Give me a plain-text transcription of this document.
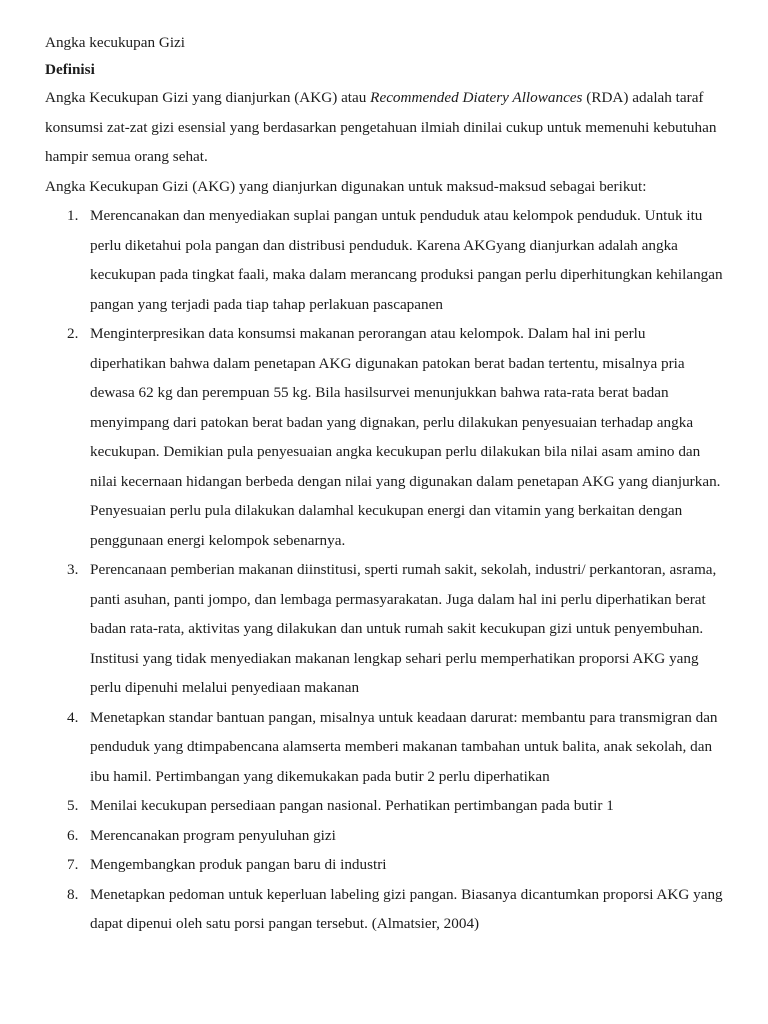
Angka kecukupan Gizi

Definisi

Angka Kecukupan Gizi yang dianjurkan (AKG) atau Recommended Diatery Allowances (RDA) adalah taraf konsumsi zat-zat gizi esensial yang berdasarkan pengetahuan ilmiah dinilai cukup untuk memenuhi kebutuhan hampir semua orang sehat.

Angka Kecukupan Gizi (AKG) yang dianjurkan digunakan untuk maksud-maksud sebagai berikut:

1. Merencanakan dan menyediakan suplai pangan untuk penduduk atau kelompok penduduk. Untuk itu perlu diketahui pola pangan dan distribusi penduduk. Karena AKGyang dianjurkan adalah angka kecukupan pada tingkat faali, maka dalam merancang produksi pangan perlu diperhitungkan kehilangan pangan yang terjadi pada tiap tahap perlakuan pascapanen
2. Menginterpresikan data konsumsi makanan perorangan atau kelompok. Dalam hal ini perlu diperhatikan bahwa dalam penetapan AKG digunakan patokan berat badan tertentu, misalnya pria dewasa 62 kg dan perempuan 55 kg. Bila hasilsurvei menunjukkan bahwa rata-rata berat badan menyimpang dari patokan berat badan yang dignakan, perlu dilakukan penyesuaian terhadap angka kecukupan. Demikian pula penyesuaian angka kecukupan perlu dilakukan bila nilai asam amino dan nilai kecernaan hidangan berbeda dengan nilai yang digunakan dalam penetapan AKG yang dianjurkan. Penyesuaian perlu pula dilakukan dalamhal kecukupan energi dan vitamin yang berkaitan dengan penggunaan energi kelompok sebenarnya.
3. Perencanaan pemberian makanan diinstitusi, sperti rumah sakit, sekolah, industri/ perkantoran, asrama, panti asuhan, panti jompo, dan lembaga permasyarakatan. Juga dalam hal ini perlu diperhatikan berat badan rata-rata, aktivitas yang dilakukan dan untuk rumah sakit kecukupan gizi untuk penyembuhan. Institusi yang tidak menyediakan makanan lengkap sehari perlu memperhatikan proporsi AKG yang perlu dipenuhi melalui penyediaan makanan
4. Menetapkan standar bantuan pangan, misalnya untuk keadaan darurat: membantu para transmigran dan penduduk yang dtimpabencana alamserta memberi makanan tambahan untuk balita, anak sekolah, dan ibu hamil. Pertimbangan yang dikemukakan pada butir 2 perlu diperhatikan
5. Menilai kecukupan persediaan pangan nasional. Perhatikan pertimbangan pada butir 1
6. Merencanakan program penyuluhan gizi
7. Mengembangkan produk pangan baru di industri
8. Menetapkan pedoman untuk keperluan labeling gizi pangan. Biasanya dicantumkan proporsi AKG yang dapat dipenui oleh satu porsi pangan tersebut. (Almatsier, 2004)
